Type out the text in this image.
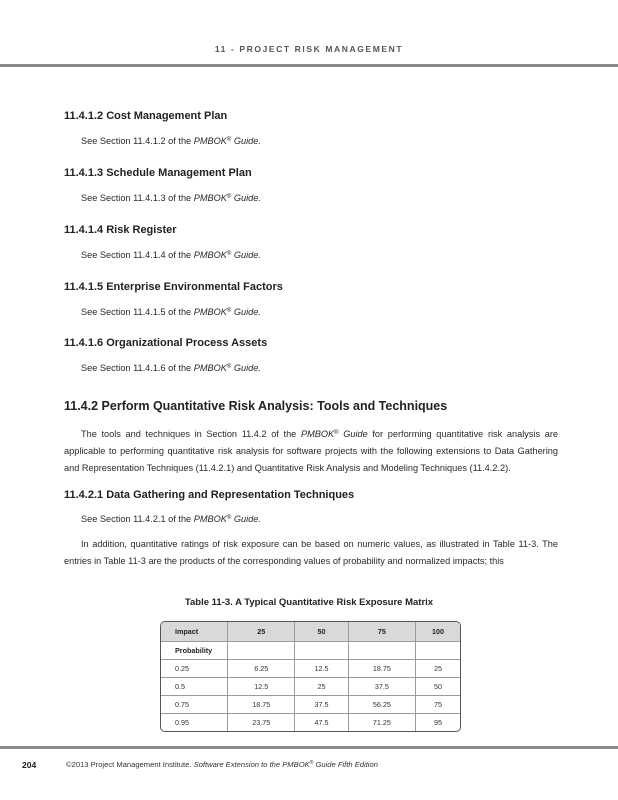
11 - PROJECT RISK MANAGEMENT
11.4.1.2 Cost Management Plan
See Section 11.4.1.2 of the PMBOK® Guide.
11.4.1.3 Schedule Management Plan
See Section 11.4.1.3 of the PMBOK® Guide.
11.4.1.4 Risk Register
See Section 11.4.1.4 of the PMBOK® Guide.
11.4.1.5 Enterprise Environmental Factors
See Section 11.4.1.5 of the PMBOK® Guide.
11.4.1.6 Organizational Process Assets
See Section 11.4.1.6 of the PMBOK® Guide.
11.4.2 Perform Quantitative Risk Analysis: Tools and Techniques
The tools and techniques in Section 11.4.2 of the PMBOK® Guide for performing quantitative risk analysis are applicable to performing quantitative risk analysis for software projects with the following extensions to Data Gathering and Representation Techniques (11.4.2.1) and Quantitative Risk Analysis and Modeling Techniques (11.4.2.2).
11.4.2.1 Data Gathering and Representation Techniques
See Section 11.4.2.1 of the PMBOK® Guide.
In addition, quantitative ratings of risk exposure can be based on numeric values, as illustrated in Table 11-3. The entries in Table 11-3 are the products of the corresponding values of probability and normalized impacts; this
Table 11-3. A Typical Quantitative Risk Exposure Matrix
Impact	25	50	75	100
Probability				
0.25	6.25	12.5	18.75	25
0.5	12.5	25	37.5	50
0.75	18.75	37.5	56.25	75
0.95	23.75	47.5	71.25	95
204	©2013 Project Management Institute. Software Extension to the PMBOK® Guide Fifth Edition
